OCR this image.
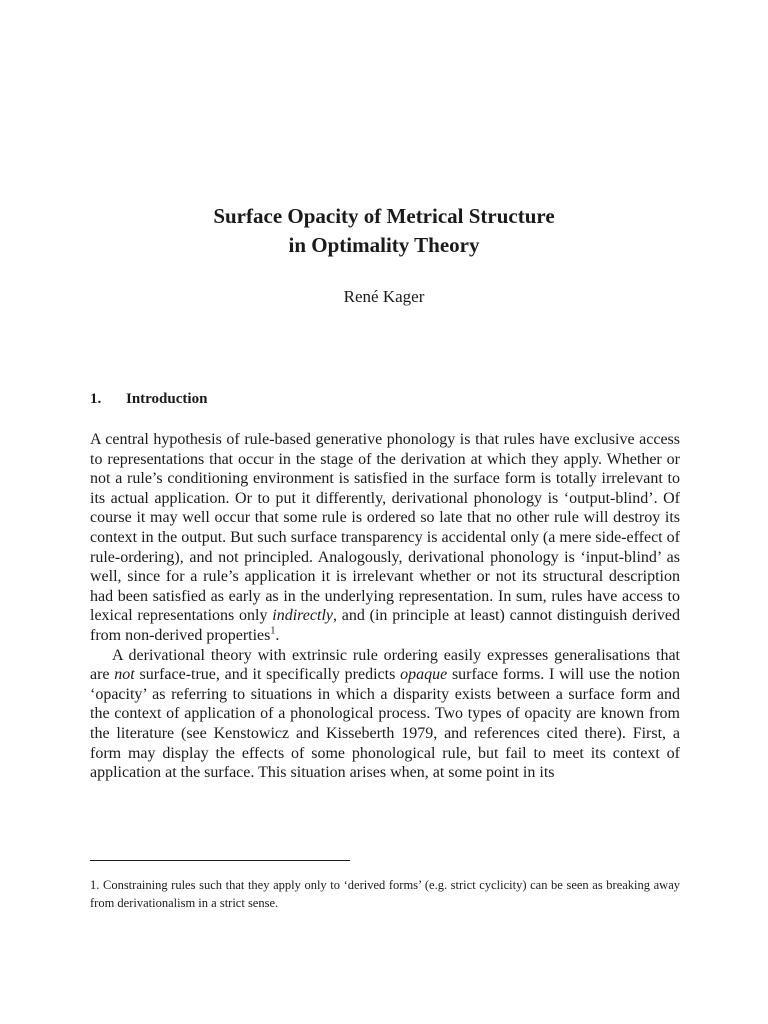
Surface Opacity of Metrical Structure
in Optimality Theory
René Kager
1. Introduction

A central hypothesis of rule-based generative phonology is that rules have exclusive access to representations that occur in the stage of the derivation at which they apply. Whether or not a rule’s conditioning environment is satisfied in the surface form is totally irrelevant to its actual application. Or to put it differently, derivational phonology is ‘output-blind’. Of course it may well occur that some rule is ordered so late that no other rule will destroy its context in the output. But such surface transparency is accidental only (a mere side-effect of rule-ordering), and not principled. Analogously, derivational phonology is ‘input-blind’ as well, since for a rule’s application it is irrelevant whether or not its structural description had been satisfied as early as in the underlying representation. In sum, rules have access to lexical representations only indirectly, and (in principle at least) cannot distinguish derived from non-derived properties$^1$.

A derivational theory with extrinsic rule ordering easily expresses generalisations that are not surface-true, and it specifically predicts opaque surface forms. I will use the notion ‘opacity’ as referring to situations in which a disparity exists between a surface form and the context of application of a phonological process. Two types of opacity are known from the literature (see Kenstowicz and Kisseberth 1979, and references cited there). First, a form may display the effects of some phonological rule, but fail to meet its context of application at the surface. This situation arises when, at some point in its

1. Constraining rules such that they apply only to ‘derived forms’ (e.g. strict cyclicity) can be seen as breaking away from derivationalism in a strict sense.
